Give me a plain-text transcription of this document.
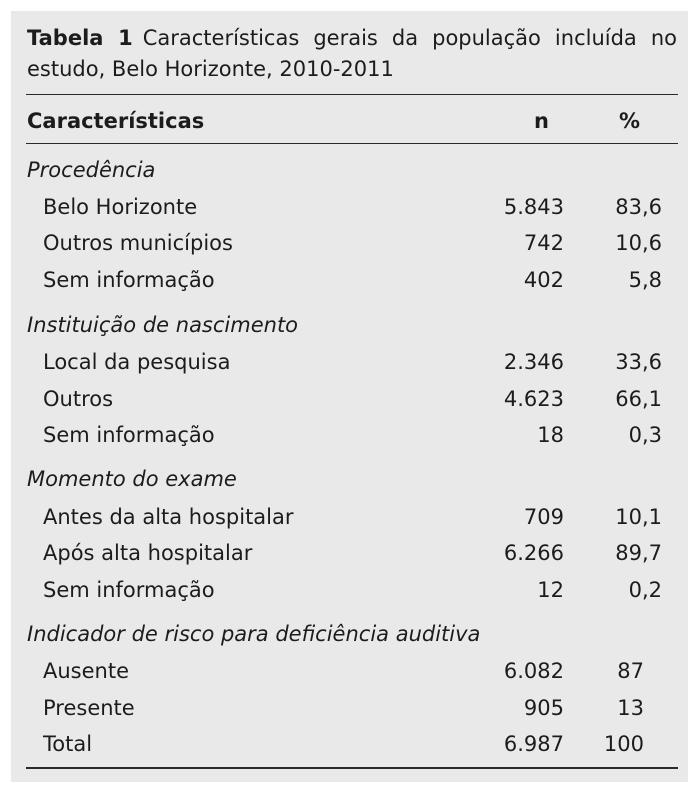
Tabela 1 Características gerais da população incluída no estudo, Belo Horizonte, 2010-2011
Características	n	%
Procedência
Belo Horizonte	5.843 83,6
Outros municípios	742 10,6
Sem informação	402	5,8
Instituição de nascimento
Local da pesquisa	2.346 33,6
Outros	4.623 66,1
Sem informação	18	0,3
Momento do exame
Antes da alta hospitalar	709 10,1
Após alta hospitalar	6.266 89,7
Sem informação	12	0,2
Indicador de risco para deficiência auditiva
Ausente	6.082	87
Presente	905	13
Total	6.987 100
